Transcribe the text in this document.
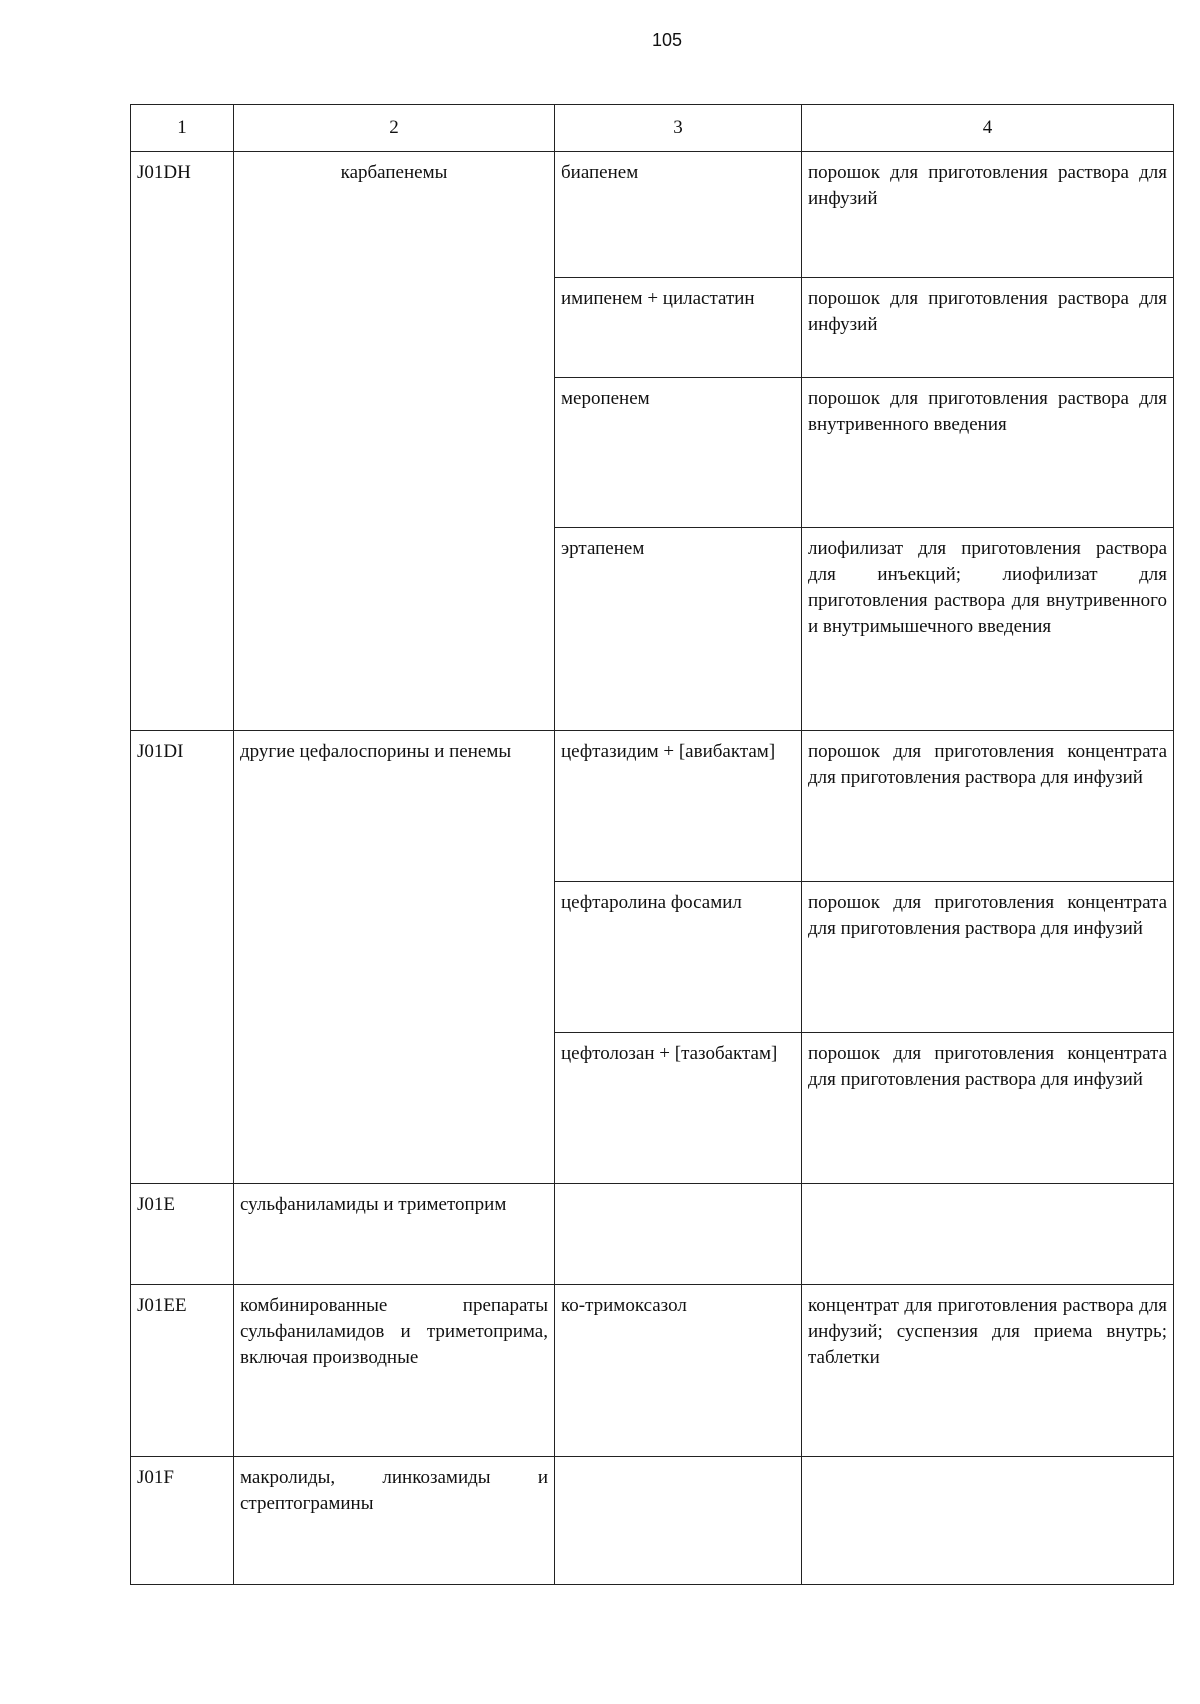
105
1	2	3	4
J01DH	карбапенемы	биапенем	порошок для приготовления раствора для инфузий
		имипенем + циластатин	порошок для приготовления раствора для инфузий
		меропенем	порошок для приготовления раствора для внутривенного введения
		эртапенем	лиофилизат для приготовления раствора для инъекций; лиофилизат для приготовления раствора для внутривенного и внутримышечного введения
J01DI	другие цефалоспорины и пенемы	цефтазидим + [авибактам]	порошок для приготовления концентрата для приготовления раствора для инфузий
		цефтаролина фосамил	порошок для приготовления концентрата для приготовления раствора для инфузий
		цефтолозан + [тазобактам]	порошок для приготовления концентрата для приготовления раствора для инфузий
J01E	сульфаниламиды и триметоприм		
J01EE	комбинированные препараты сульфаниламидов и триметоприма, включая производные	ко-тримоксазол	концентрат для приготовления раствора для инфузий; суспензия для приема внутрь; таблетки
J01F	макролиды, линкозамиды и стрептограмины		
